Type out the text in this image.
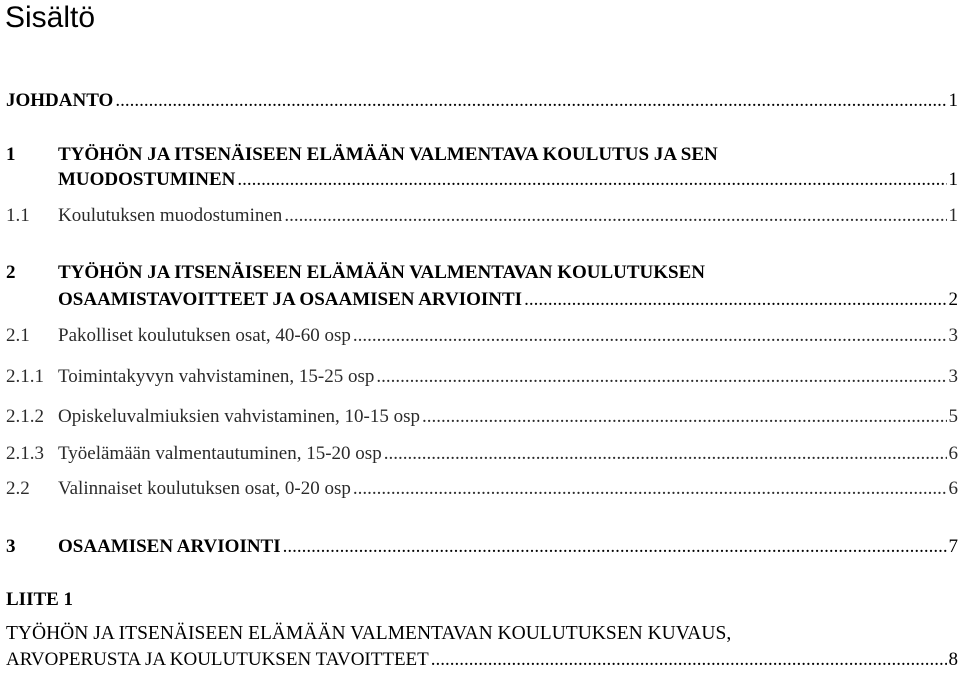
Sisältö
JOHDANTO .....	1
1	TYÖHÖN JA ITSENÄISEEN ELÄMÄÄN VALMENTAVA KOULUTUS JA SEN
MUODOSTUMINEN .....	1
1.1	Koulutuksen muodostuminen .....	1
2	TYÖHÖN JA ITSENÄISEEN ELÄMÄÄN VALMENTAVAN KOULUTUKSEN
OSAAMISTAVOITTEET JA OSAAMISEN ARVIOINTI .....	2
2.1	Pakolliset koulutuksen osat, 40‐60 osp .....	3
2.1.1 Toimintakyvyn vahvistaminen, 15‐25 osp .....	3
2.1.2 Opiskeluvalmiuksien vahvistaminen, 10‐15 osp .....	5
2.1.3 Työelämään valmentautuminen, 15‐20 osp .....	6
2.2	Valinnaiset koulutuksen osat, 0‐20 osp .....	6
3	OSAAMISEN ARVIOINTI .....	7
LIITE 1
TYÖHÖN JA ITSENÄISEEN ELÄMÄÄN VALMENTAVAN KOULUTUKSEN KUVAUS,
ARVOPERUSTA JA KOULUTUKSEN TAVOITTEET .....	8
